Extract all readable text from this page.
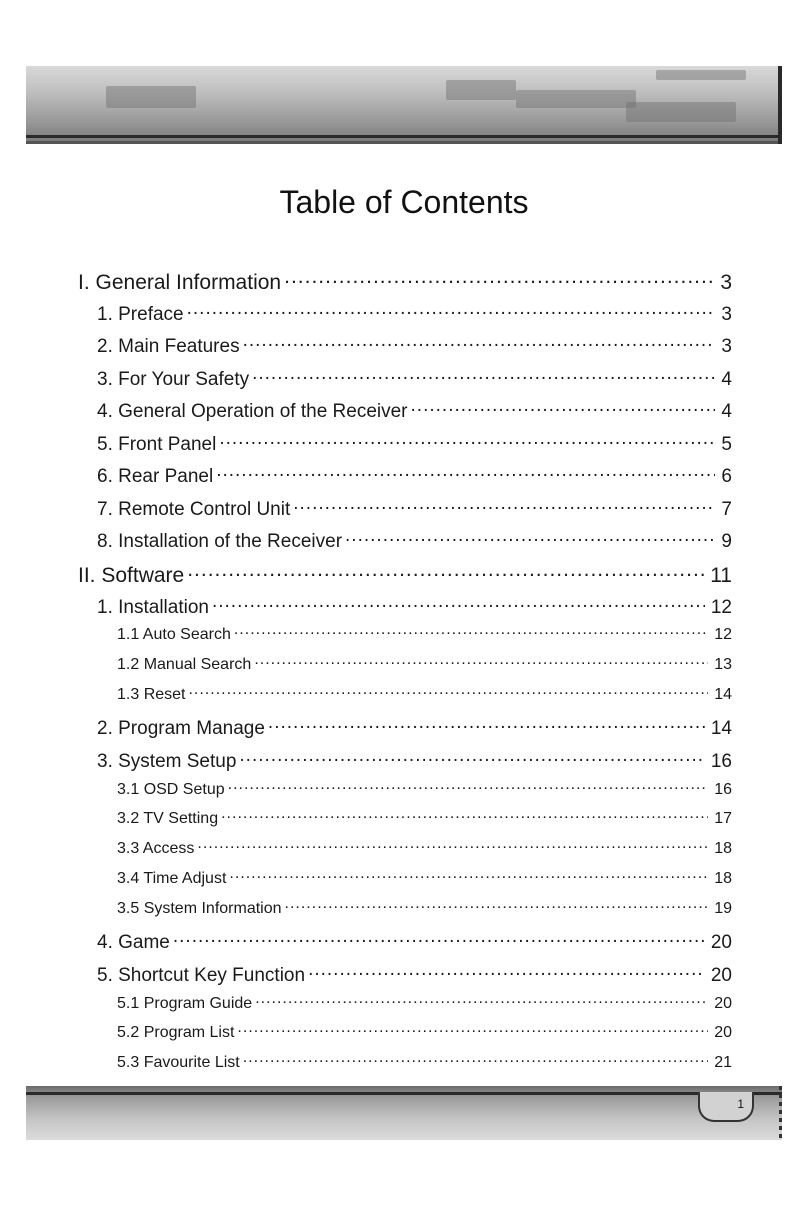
Table of Contents
I. General Information .....	3
1. Preface .....	3
2. Main Features .....	3
3. For Your Safety .....	4
4. General Operation of the Receiver .....	4
5. Front Panel .....	5
6. Rear Panel .....	6
7. Remote Control Unit .....	7
8. Installation of the Receiver .....	9
II. Software .....	11
1. Installation .....	12
1.1 Auto Search .....	12
1.2 Manual Search .....	13
1.3 Reset .....	14
2. Program Manage .....	14
3. System Setup .....	16
3.1 OSD Setup .....	16
3.2 TV Setting .....	17
3.3 Access .....	18
3.4 Time Adjust .....	18
3.5 System Information .....	19
4. Game .....	20
5. Shortcut Key Function .....	20
5.1 Program Guide .....	20
5.2 Program List .....	20
5.3 Favourite List .....	21
1
